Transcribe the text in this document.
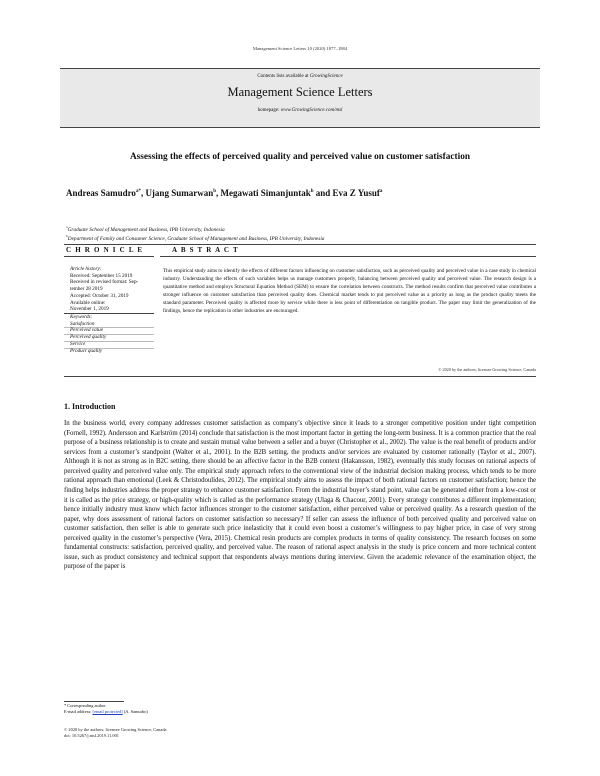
Management Science Letters 10 (2020) 1877–1884
Contents lists available at GrowingScience
Management Science Letters
homepage: www.GrowingScience.com/msl
Assessing the effects of perceived quality and perceived value on customer satisfaction
Andreas Samudro$^{a*}$, Ujang Sumarwan$^b$, Megawati Simanjuntak$^b$ and Eva Z Yusuf$^a$
$^a$Graduate School of Management and Business, IPB University, Indonesia
$^b$Department of Family and Consumer Science, Graduate School of Management and Business, IPB University, Indonesia
C H R O N I C L E	A B S T R A C T
Article history:
Received: September 15 2019
Received in revised format: Sep-
tember 28 2019
Accepted: October 31, 2019
Available online:
November 1, 2019
Keywords:
Satisfaction
Perceived value
Perceived quality
Service
Product quality
This empirical study aims to identify the effects of different factors influencing on customer satisfaction, such as perceived quality and perceived value in a case study in chemical industry. Understanding the effects of such variables helps us manage customers properly, balancing between perceived quality and perceived value. The research design is a quantitative method and employs Structural Equation Method (SEM) to ensure the correlation between constructs. The method results confirm that perceived value contributes a stronger influence on customer satisfaction than perceived quality does. Chemical market tends to put perceived value as a priority as long as the product quality meets the standard parameter. Perceived quality is affected more by service while there is less point of differentiation on tangible product. The paper may limit the generalization of the findings, hence the replication in other industries are encouraged.
© 2020 by the authors; licensee Growing Science, Canada
1. Introduction
In the business world, every company addresses customer satisfaction as company’s objective since it leads to a stronger competitive position under tight competition (Fornell, 1992). Andersson and Karlström (2014) conclude that satisfaction is the most important factor in getting the long-term business. It is a common practice that the real purpose of a business relationship is to create and sustain mutual value between a seller and a buyer (Christopher et al., 2002). The value is the real benefit of products and/or services from a customer’s standpoint (Walter et al., 2001). In the B2B setting, the products and/or services are evaluated by customer rationally (Taylor et al., 2007). Although it is not as strong as in B2C setting, there should be an affective factor in the B2B context (Hakansson, 1982), eventually this study focuses on rational aspects of perceived quality and perceived value only. The empirical study approach refers to the conventional view of the industrial decision making process, which tends to be more rational approach than emotional (Leek & Christodoulides, 2012). The empirical study aims to assess the impact of both rational factors on customer satisfaction; hence the finding helps industries address the proper strategy to enhance customer satisfaction. From the industrial buyer’s stand point, value can be generated either from a low-cost or it is called as the price strategy, or high-quality which is called as the performance strategy (Ulaga & Chacour, 2001). Every strategy contributes a different implementation; hence initially industry must know which factor influences stronger to the customer satisfaction, either perceived value or perceived quality. As a research question of the paper, why does assessment of rational factors on customer satisfaction so necessary? If seller can assess the influence of both perceived quality and perceived value on customer satisfaction, then seller is able to generate such price inelasticity that it could even boost a customer’s willingness to pay higher price, in case of very strong perceived quality in the customer’s perspective (Vera, 2015). Chemical resin products are complex products in terms of quality consistency. The research focuses on some fundamental constructs: satisfaction, perceived quality, and perceived value. The reason of rational aspect analysis in the study is price concern and more technical content issue, such as product consistency and technical support that respondents always mentions during interview. Given the academic relevance of the examination object, the purpose of the paper is
* Corresponding author.
E-mail address: [email protected] (A. Samudro)
© 2020 by the authors; licensee Growing Science, Canada
doi: 10.5267/j.msl.2019.11.001
